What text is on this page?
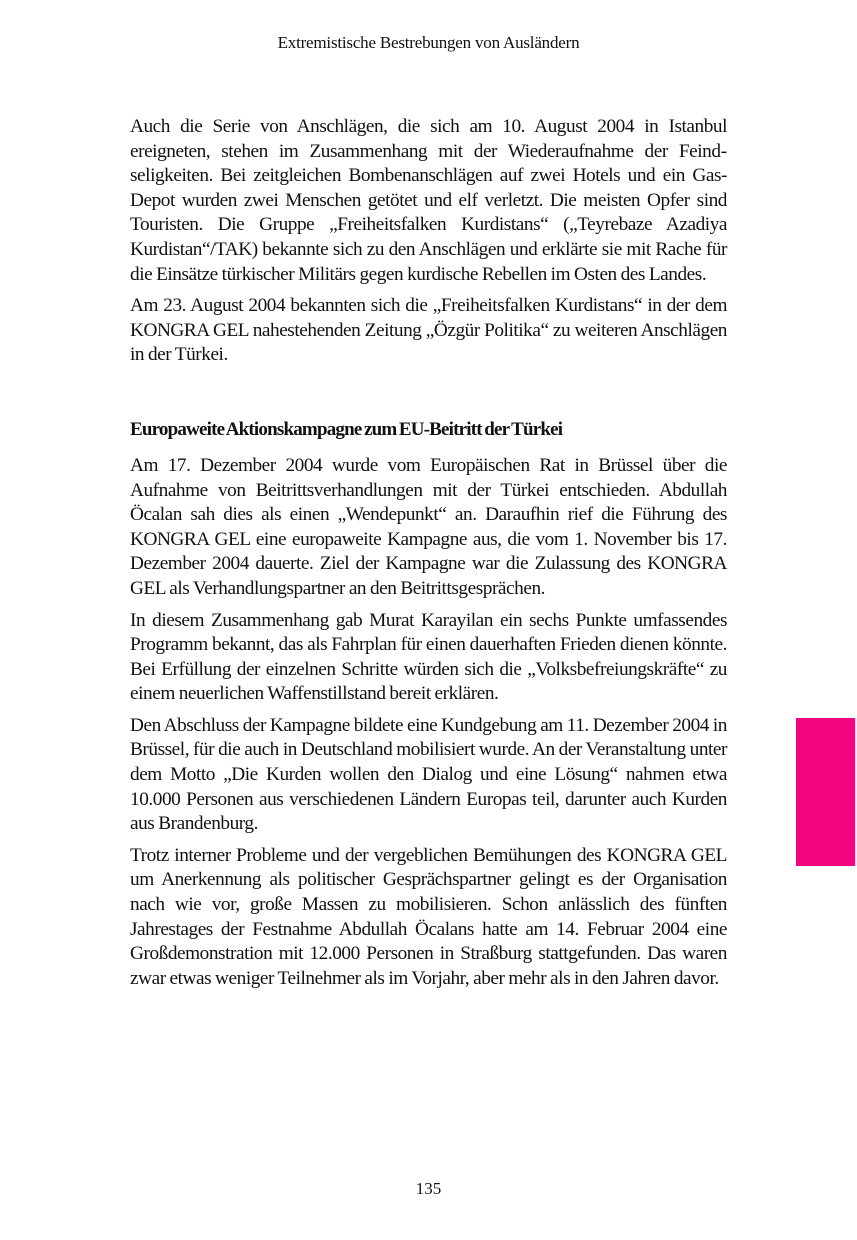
Extremistische Bestrebungen von Ausländern

Auch die Serie von Anschlägen, die sich am 10. August 2004 in Istanbul ereigneten, stehen im Zusammenhang mit der Wiederaufnahme der Feindseligkeiten. Bei zeitgleichen Bombenanschlägen auf zwei Hotels und ein Gas-Depot wurden zwei Menschen getötet und elf verletzt. Die meisten Opfer sind Touristen. Die Gruppe „Freiheitsfalken Kurdistans“ („Teyrebaze Azadiya Kurdistan“/TAK) bekannte sich zu den Anschlägen und erklärte sie mit Rache für die Einsätze türkischer Militärs gegen kurdische Rebellen im Osten des Landes.

Am 23. August 2004 bekannten sich die „Freiheitsfalken Kurdistans“ in der dem KONGRA GEL nahestehenden Zeitung „Özgür Politika“ zu weiteren Anschlägen in der Türkei.

Europaweite Aktionskampagne zum EU-Beitritt der Türkei

Am 17. Dezember 2004 wurde vom Europäischen Rat in Brüssel über die Aufnahme von Beitrittsverhandlungen mit der Türkei entschieden. Abdullah Öcalan sah dies als einen „Wendepunkt“ an. Daraufhin rief die Führung des KONGRA GEL eine europaweite Kampagne aus, die vom 1. November bis 17. Dezember 2004 dauerte. Ziel der Kampagne war die Zulassung des KONGRA GEL als Verhandlungspartner an den Beitrittsgesprächen.

In diesem Zusammenhang gab Murat Karayilan ein sechs Punkte umfassendes Programm bekannt, das als Fahrplan für einen dauerhaften Frieden dienen könnte. Bei Erfüllung der einzelnen Schritte würden sich die „Volksbefreiungskräfte“ zu einem neuerlichen Waffenstillstand bereit erklären.

Den Abschluss der Kampagne bildete eine Kundgebung am 11. Dezember 2004 in Brüssel, für die auch in Deutschland mobilisiert wurde. An der Veranstaltung unter dem Motto „Die Kurden wollen den Dialog und eine Lösung“ nahmen etwa 10.000 Personen aus verschiedenen Ländern Europas teil, darunter auch Kurden aus Brandenburg.

Trotz interner Probleme und der vergeblichen Bemühungen des KONGRA GEL um Anerkennung als politischer Gesprächspartner gelingt es der Organisation nach wie vor, große Massen zu mobilisieren. Schon anlässlich des fünften Jahrestages der Festnahme Abdullah Öcalans hatte am 14. Februar 2004 eine Großdemonstration mit 12.000 Personen in Straßburg stattgefunden. Das waren zwar etwas weniger Teilnehmer als im Vorjahr, aber mehr als in den Jahren davor.

135
